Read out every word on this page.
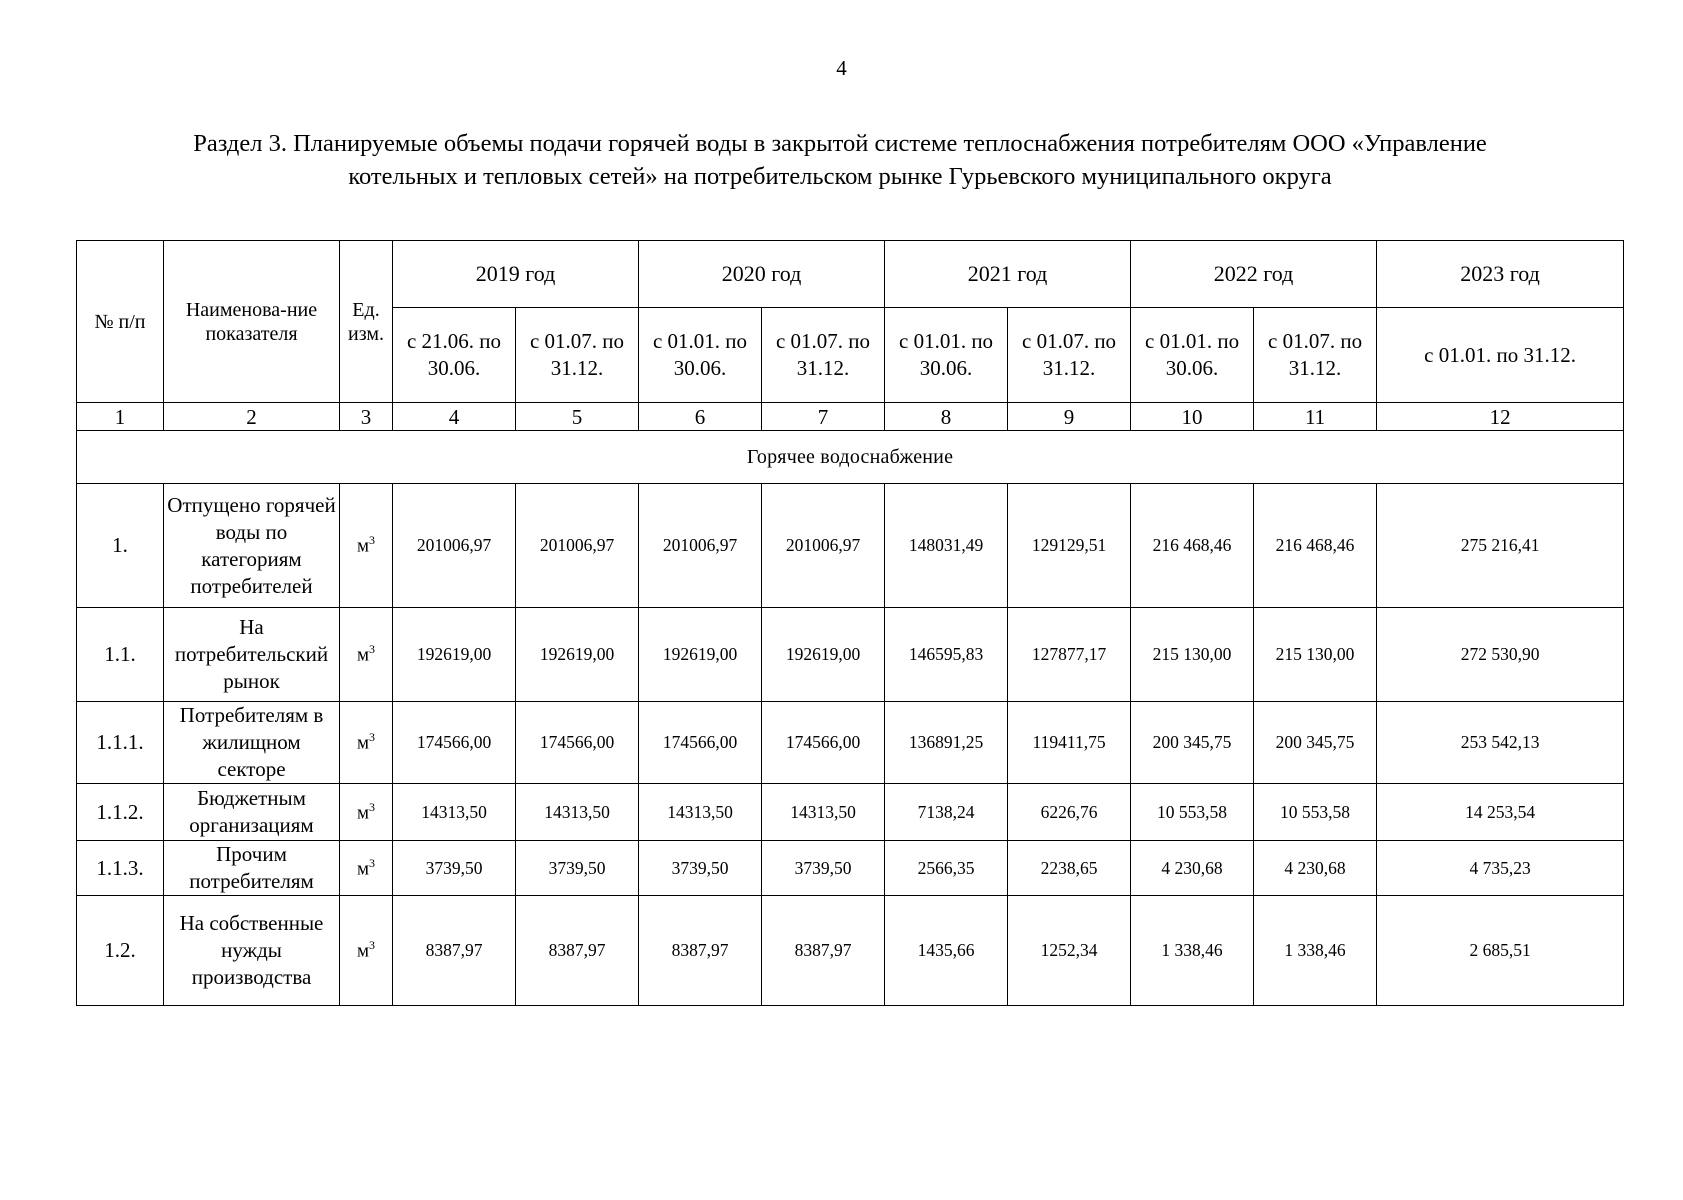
4
Раздел 3. Планируемые объемы подачи горячей воды в закрытой системе теплоснабжения потребителям ООО «Управление
котельных и тепловых сетей» на потребительском рынке Гурьевского муниципального округа
№ п/п	Наименова-ние показателя	Ед. изм.	2019 год		2020 год		2021 год		2022 год		2023 год
			с 21.06. по 30.06.	с 01.07. по 31.12.	с 01.01. по 30.06.	с 01.07. по 31.12.	с 01.01. по 30.06.	с 01.07. по 31.12.	с 01.01. по 30.06.	с 01.07. по 31.12.	с 01.01. по 31.12.
1	2	3	4	5	6	7	8	9	10	11	12
Горячее водоснабжение											
1.	Отпущено горячей воды по категориям потребителей	$м^3$	201006,97	201006,97	201006,97	201006,97	148031,49	129129,51	216 468,46	216 468,46	275 216,41
1.1.	На потребительский рынок	$м^3$	192619,00	192619,00	192619,00	192619,00	146595,83	127877,17	215 130,00	215 130,00	272 530,90
1.1.1.	Потребителям в жилищном секторе	$м^3$	174566,00	174566,00	174566,00	174566,00	136891,25	119411,75	200 345,75	200 345,75	253 542,13
1.1.2.	Бюджетным организациям	$м^3$	14313,50	14313,50	14313,50	14313,50	7138,24	6226,76	10 553,58	10 553,58	14 253,54
1.1.3.	Прочим потребителям	$м^3$	3739,50	3739,50	3739,50	3739,50	2566,35	2238,65	4 230,68	4 230,68	4 735,23
1.2.	На собственные нужды производства	$м^3$	8387,97	8387,97	8387,97	8387,97	1435,66	1252,34	1 338,46	1 338,46	2 685,51
